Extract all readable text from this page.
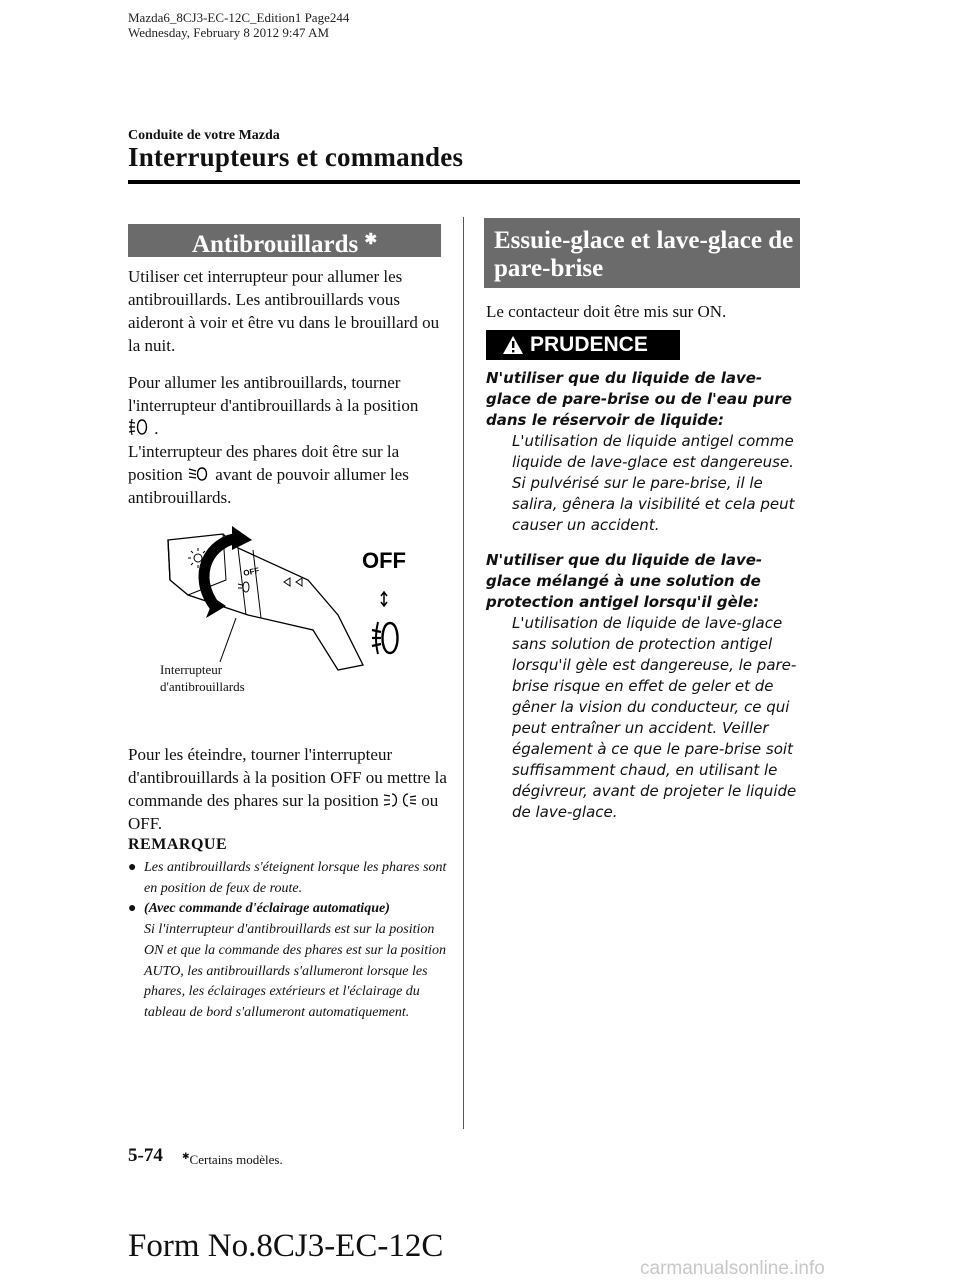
Mazda6_8CJ3-EC-12C_Edition1 Page244
Wednesday, February 8 2012 9:47 AM
Conduite de votre Mazda
Interrupteurs et commandes
Antibrouillards ✱

Utiliser cet interrupteur pour allumer les antibrouillards. Les antibrouillards vous aideront à voir et être vu dans le brouillard ou la nuit.

Pour allumer les antibrouillards, tourner l'interrupteur d'antibrouillards à la position
.

L'interrupteur des phares doit être sur la position avant de pouvoir allumer les antibrouillards.

OFF	OFF
Interrupteur
d'antibrouillards

Pour les éteindre, tourner l'interrupteur d'antibrouillards à la position OFF ou mettre la commande des phares sur la position	ou OFF.

REMARQUE
● Les antibrouillards s'éteignent lorsque les phares sont en position de feux de route.
● (Avec commande d'éclairage automatique)
Si l'interrupteur d'antibrouillards est sur la position ON et que la commande des phares est sur la position AUTO, les antibrouillards s'allumeront lorsque les phares, les éclairages extérieurs et l'éclairage du tableau de bord s'allumeront automatiquement.
Essuie-glace et lave-glace de pare-brise
Le contacteur doit être mis sur ON.
PRUDENCE
N'utiliser que du liquide de lave-glace de pare-brise ou de l'eau pure dans le réservoir de liquide:
L'utilisation de liquide antigel comme liquide de lave-glace est dangereuse. Si pulvérisé sur le pare-brise, il le salira, gênera la visibilité et cela peut causer un accident.
N'utiliser que du liquide de lave-glace mélangé à une solution de protection antigel lorsqu'il gèle:
L'utilisation de liquide de lave-glace sans solution de protection antigel lorsqu'il gèle est dangereuse, le pare-brise risque en effet de geler et de gêner la vision du conducteur, ce qui peut entraîner un accident. Veiller également à ce que le pare-brise soit suffisamment chaud, en utilisant le dégivreur, avant de projeter le liquide de lave-glace.
5-74 ✱Certains modèles.
Form No.8CJ3-EC-12C
carmanualsonline.info
